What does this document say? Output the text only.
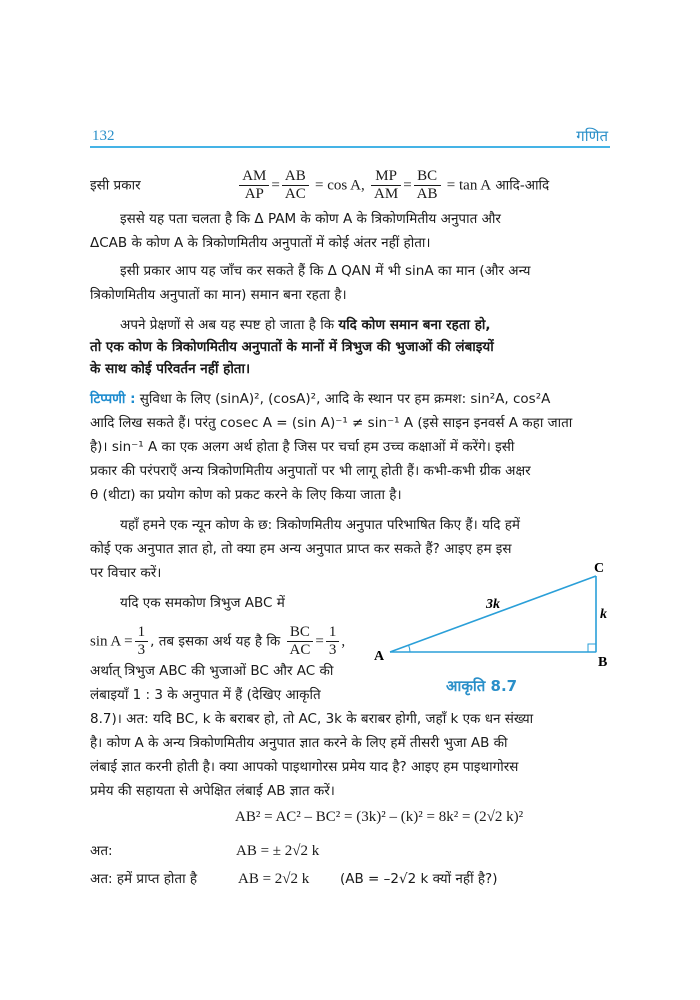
132	गणित
इसी प्रकार	$\frac{AM}{AP} = \frac{AB}{AC} = \cos A$, $\frac{MP}{AM} = \frac{BC}{AB} = \tan A$ आदि-आदि
इससे यह पता चलता है कि Δ PAM के कोण A के त्रिकोणमितीय अनुपात और
ΔCAB के कोण A के त्रिकोणमितीय अनुपातों में कोई अंतर नहीं होता।
इसी प्रकार आप यह जाँच कर सकते हैं कि Δ QAN में भी sinA का मान (और अन्य
त्रिकोणमितीय अनुपातों का मान) समान बना रहता है।
अपने प्रेक्षणों से अब यह स्पष्ट हो जाता है कि यदि कोण समान बना रहता हो,
तो एक कोण के त्रिकोणमितीय अनुपातों के मानों में त्रिभुज की भुजाओं की लंबाइयों
के साथ कोई परिवर्तन नहीं होता।
टिप्पणी : सुविधा के लिए (sinA)², (cosA)², आदि के स्थान पर हम क्रमश: sin²A, cos²A
आदि लिख सकते हैं। परंतु cosec A = (sin A)⁻¹ ≠ sin⁻¹ A (इसे साइन इनवर्स A कहा जाता
है)। sin⁻¹ A का एक अलग अर्थ होता है जिस पर चर्चा हम उच्च कक्षाओं में करेंगे। इसी
प्रकार की परंपराएँ अन्य त्रिकोणमितीय अनुपातों पर भी लागू होती हैं। कभी-कभी ग्रीक अक्षर
θ (थीटा) का प्रयोग कोण को प्रकट करने के लिए किया जाता है।
यहाँ हमने एक न्यून कोण के छ: त्रिकोणमितीय अनुपात परिभाषित किए हैं। यदि हमें
कोई एक अनुपात ज्ञात हो, तो क्या हम अन्य अनुपात प्राप्त कर सकते हैं? आइए हम इस
पर विचार करें।
यदि एक समकोण त्रिभुज ABC में
$\sin A = \frac{1}{3}$ , तब इसका अर्थ यह है कि $\frac{BC}{AC} = \frac{1}{3}$ ,
अर्थात् त्रिभुज ABC की भुजाओं BC और AC की
लंबाइयाँ 1 : 3 के अनुपात में हैं (देखिए आकृति
8.7)। अत: यदि BC, k के बराबर हो, तो AC, 3k के बराबर होगी, जहाँ k एक धन संख्या
है। कोण A के अन्य त्रिकोणमितीय अनुपात ज्ञात करने के लिए हमें तीसरी भुजा AB की
लंबाई ज्ञात करनी होती है। क्या आपको पाइथागोरस प्रमेय याद है? आइए हम पाइथागोरस
प्रमेय की सहायता से अपेक्षित लंबाई AB ज्ञात करें।
AB² = AC² – BC² = (3k)² – (k)² = 8k² = (2√2 k)²
अत:	AB = ± 2√2 k
अत: हमें प्राप्त होता है	AB = 2√2 k (AB = –2√2 k क्यों नहीं है?)
A	B
C
3k
k
आकृति 8.7
